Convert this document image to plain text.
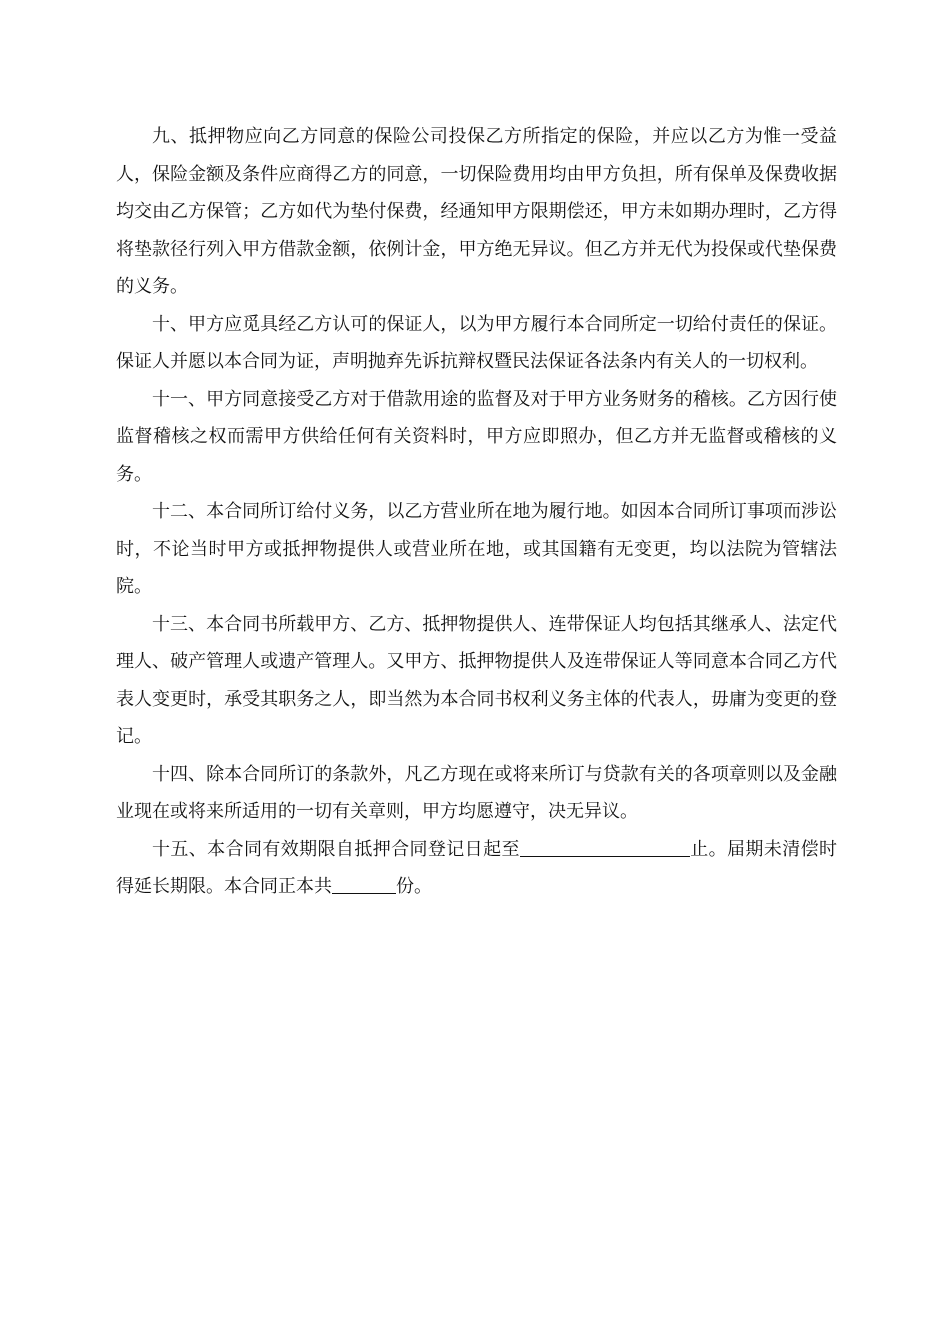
九、抵押物应向乙方同意的保险公司投保乙方所指定的保险，并应以乙方为惟一受益人，保险金额及条件应商得乙方的同意，一切保险费用均由甲方负担，所有保单及保费收据均交由乙方保管；乙方如代为垫付保费，经通知甲方限期偿还，甲方未如期办理时，乙方得将垫款径行列入甲方借款金额，依例计金，甲方绝无异议。但乙方并无代为投保或代垫保费的义务。

十、甲方应觅具经乙方认可的保证人，以为甲方履行本合同所定一切给付责任的保证。保证人并愿以本合同为证，声明抛弃先诉抗辩权暨民法保证各法条内有关人的一切权利。

十一、甲方同意接受乙方对于借款用途的监督及对于甲方业务财务的稽核。乙方因行使监督稽核之权而需甲方供给任何有关资料时，甲方应即照办，但乙方并无监督或稽核的义务。

十二、本合同所订给付义务，以乙方营业所在地为履行地。如因本合同所订事项而涉讼时，不论当时甲方或抵押物提供人或营业所在地，或其国籍有无变更，均以法院为管辖法院。

十三、本合同书所载甲方、乙方、抵押物提供人、连带保证人均包括其继承人、法定代理人、破产管理人或遗产管理人。又甲方、抵押物提供人及连带保证人等同意本合同乙方代表人变更时，承受其职务之人，即当然为本合同书权利义务主体的代表人，毋庸为变更的登记。

十四、除本合同所订的条款外，凡乙方现在或将来所订与贷款有关的各项章则以及金融业现在或将来所适用的一切有关章则，甲方均愿遵守，决无异议。

十五、本合同有效期限自抵押合同登记日起至	止。届期未清偿时得延长期限。本合同正本共	份。
